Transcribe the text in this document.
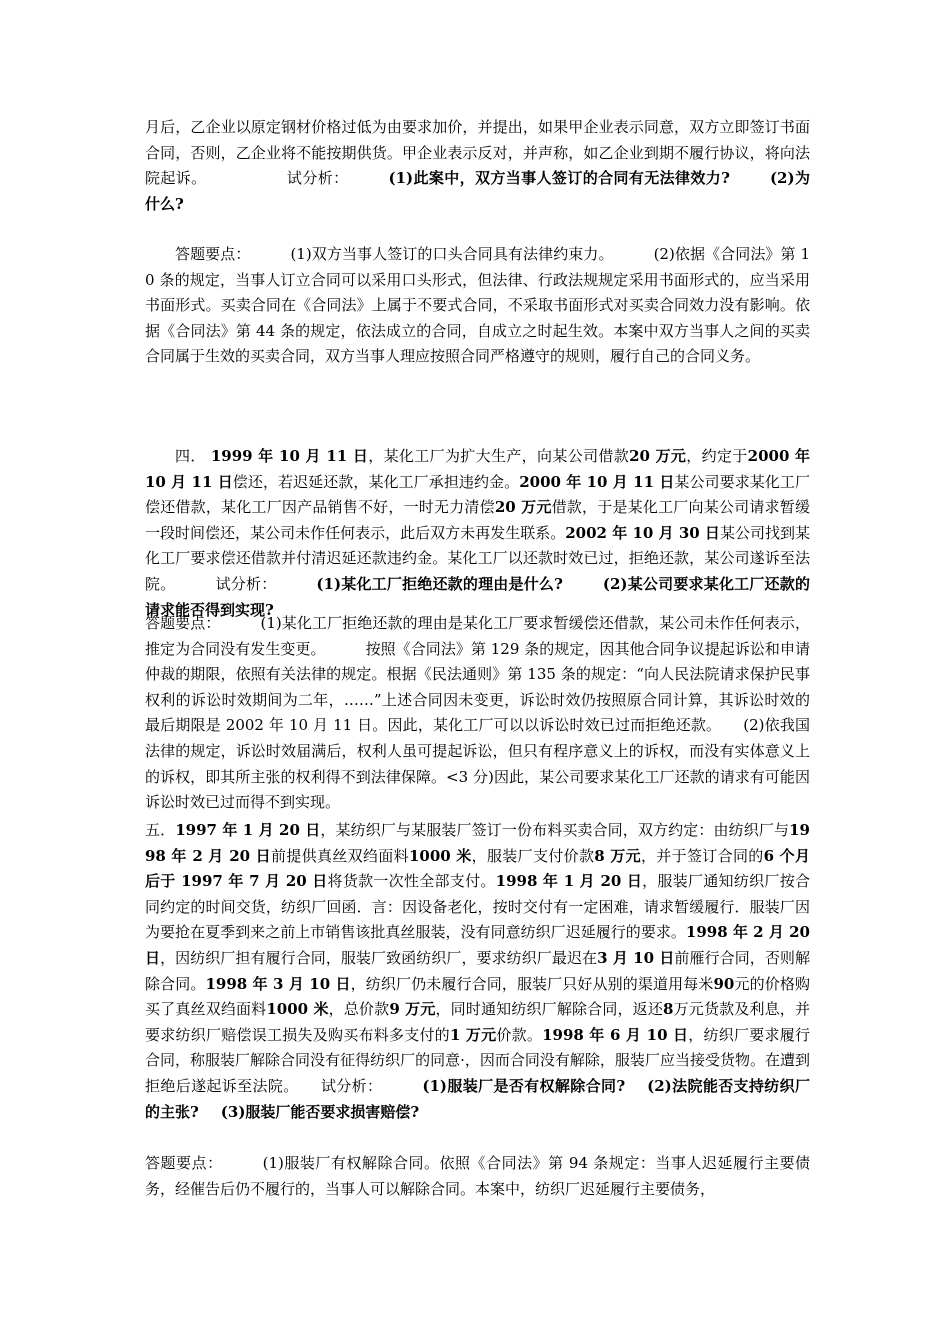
月后，乙企业以原定钢材价格过低为由要求加价，并提出，如果甲企业表示同意，双方立即签订书面合同，否则，乙企业将不能按期供货。甲企业表示反对，并声称，如乙企业到期不履行协议，将向法院起诉。	试分析：	(1)此案中，双方当事人签订的合同有无法律效力?	(2)为什么?

答题要点：	(1)双方当事人签订的口头合同具有法律约束力。	(2)依据《合同法》第 10 条的规定，当事人订立合同可以采用口头形式，但法律、行政法规规定采用书面形式的，应当采用书面形式。买卖合同在《合同法》上属于不要式合同，不采取书面形式对买卖合同效力没有影响。依据《合同法》第 44 条的规定，依法成立的合同，自成立之时起生效。本案中双方当事人之间的买卖合同属于生效的买卖合同，双方当事人理应按照合同严格遵守的规则，履行自己的合同义务。

四． 1999 年 10 月 11 日，某化工厂为扩大生产，向某公司借款20 万元，约定于2000 年 10 月 11 日偿还，若迟延还款，某化工厂承担违约金。2000 年 10 月 11 日某公司要求某化工厂偿还借款，某化工厂因产品销售不好，一时无力清偿20 万元借款，于是某化工厂向某公司请求暂缓一段时间偿还，某公司未作任何表示，此后双方未再发生联系。2002 年 10 月 30 日某公司找到某化工厂要求偿还借款并付清迟延还款违约金。某化工厂以还款时效已过，拒绝还款，某公司遂诉至法院。	试分析：	(1)某化工厂拒绝还款的理由是什么?	(2)某公司要求某化工厂还款的请求能否得到实现?

答题要点：	(1)某化工厂拒绝还款的理由是某化工厂要求暂缓偿还借款，某公司未作任何表示，推定为合同没有发生变更。	按照《合同法》第 129 条的规定，因其他合同争议提起诉讼和申请仲裁的期限，依照有关法律的规定。根据《民法通则》第 135 条的规定：“向人民法院请求保护民事权利的诉讼时效期间为二年，……”上述合同因未变更，诉讼时效仍按照原合同计算，其诉讼时效的最后期限是 2002 年 10 月 11 日。因此，某化工厂可以以诉讼时效已过而拒绝还款。 (2)依我国法律的规定，诉讼时效届满后，权利人虽可提起诉讼，但只有程序意义上的诉权，而没有实体意义上的诉权，即其所主张的权利得不到法律保障。<3 分)因此，某公司要求某化工厂还款的请求有可能因诉讼时效已过而得不到实现。

五．1997 年 1 月 20 日，某纺织厂与某服装厂签订一份布料买卖合同，双方约定：由纺织厂与1998 年 2 月 20 日前提供真丝双绉面料1000 米，服装厂支付价款8 万元，并于签订合同的6 个月后于 1997 年 7 月 20 日将货款一次性全部支付。1998 年 1 月 20 日，服装厂通知纺织厂按合同约定的时间交货，纺织厂回函．言：因设备老化，按时交付有一定困难，请求暂缓履行．服装厂因为要抢在夏季到来之前上市销售该批真丝服装，没有同意纺织厂迟延履行的要求。1998 年 2 月 20 日，因纺织厂担有履行合同，服装厂致函纺织厂，要求纺织厂最迟在3 月 10 日前雁行合同，否则解除合同。1998 年 3 月 10 日，纺织厂仍未履行合同，服装厂只好从别的渠道用每米90元的价格购买了真丝双绉面料1000 米，总价款9 万元，同时通知纺织厂解除合同，返还8万元货款及利息，并要求纺织厂赔偿误工损失及购买布料多支付的1 万元价款。1998 年 6 月 10 日，纺织厂要求履行合同，称服装厂解除合同没有征得纺织厂的同意·，因而合同没有解除，服装厂应当接受货物。在遭到拒绝后遂起诉至法院。 试分析：	(1)服装厂是否有权解除合同? (2)法院能否支持纺织厂的主张? (3)服装厂能否要求损害赔偿?

答题要点：	(1)服装厂有权解除合同。依照《合同法》第 94 条规定：当事人迟延履行主要债务，经催告后仍不履行的，当事人可以解除合同。本案中，纺织厂迟延履行主要债务，
